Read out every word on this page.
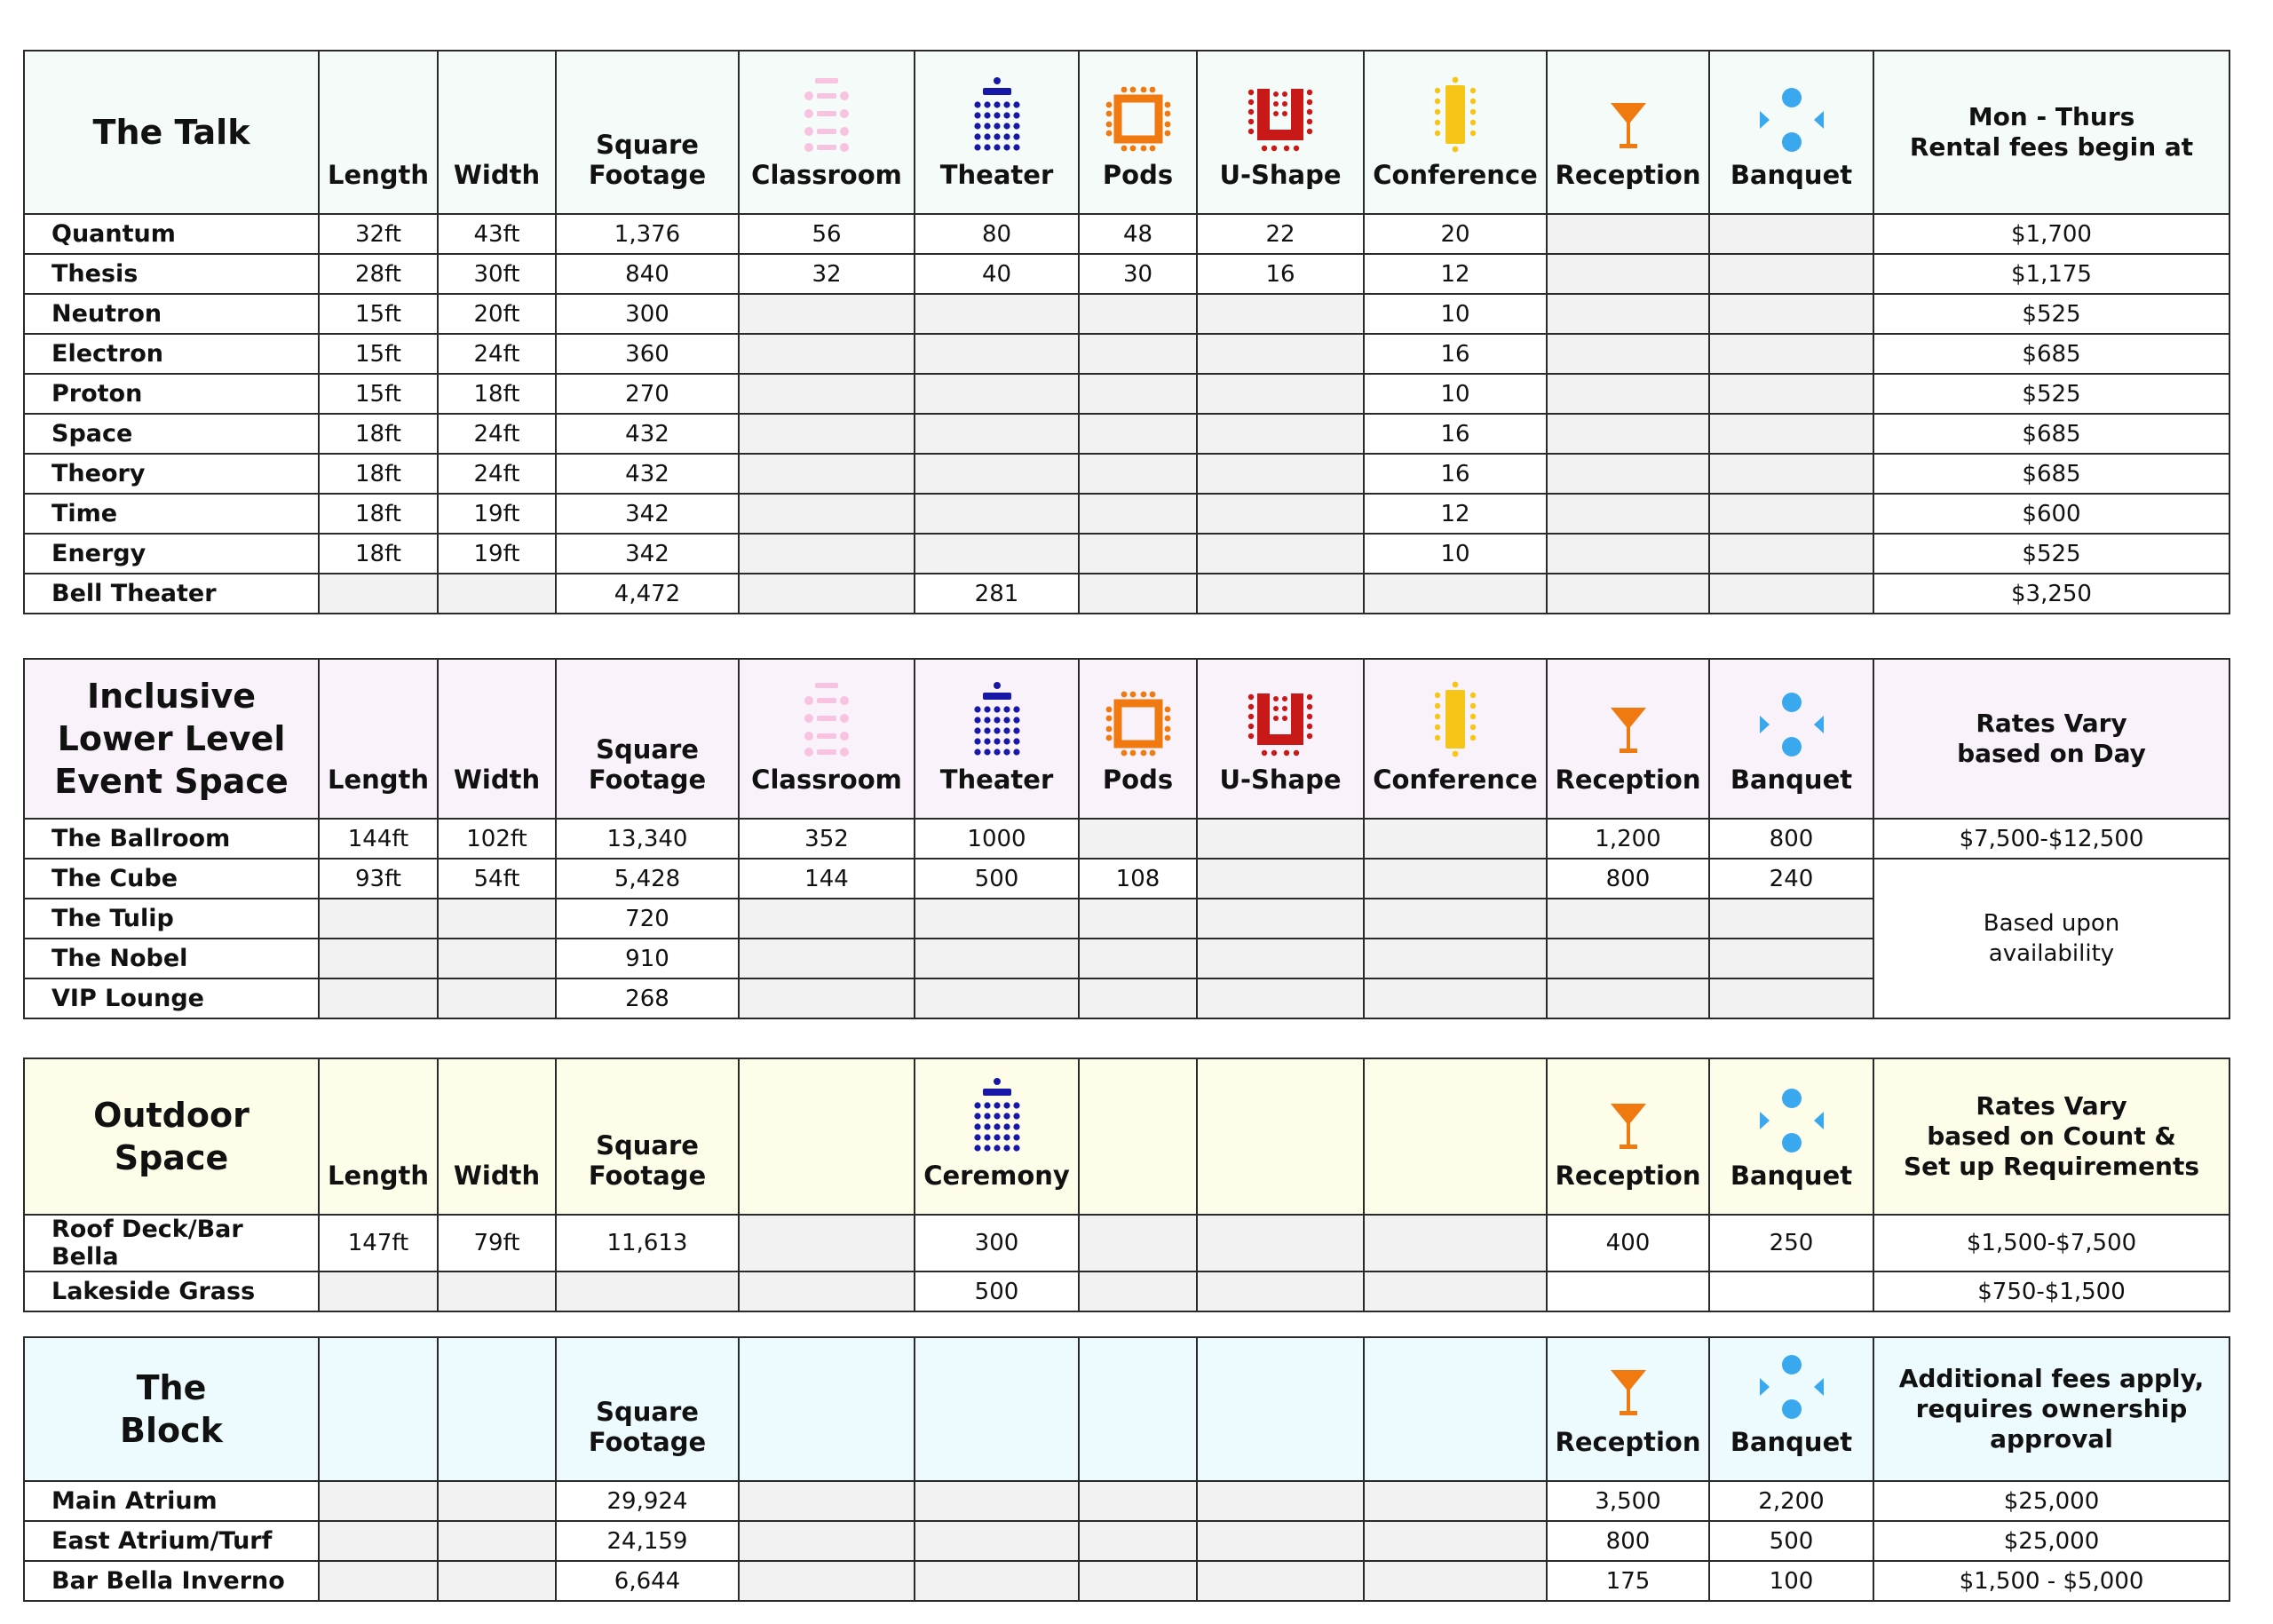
The Talk	Length	Width	Square
Footage	Classroom	Theater	Pods	U-Shape	Conference	Reception	Banquet	Mon - Thurs
Rental fees begin at
Quantum	32ft	43ft	1,376	56	80	48	22	20			$1,700
Thesis	28ft	30ft	840	32	40	30	16	12			$1,175
Neutron	15ft	20ft	300					10			$525
Electron	15ft	24ft	360					16			$685
Proton	15ft	18ft	270					10			$525
Space	18ft	24ft	432					16			$685
Theory	18ft	24ft	432					16			$685
Time	18ft	19ft	342					12			$600
Energy	18ft	19ft	342					10			$525
Bell Theater			4,472		281						$3,250
Inclusive
Lower Level
Event Space	Length	Width	Square
Footage	Classroom	Theater	Pods	U-Shape	Conference	Reception	Banquet	Rates Vary
based on Day
The Ballroom	144ft	102ft	13,340	352	1000				1,200	800	$7,500-$12,500
The Cube	93ft	54ft	5,428	144	500	108			800	240	Based upon
availability
The Tulip			720								
The Nobel			910								
VIP Lounge			268								
Outdoor
Space	Length	Width	Square
Footage		Ceremony				Reception	Banquet	Rates Vary
based on Count &
Set up Requirements
Roof Deck/Bar Bella	147ft	79ft	11,613		300				400	250	$1,500-$7,500
Lakeside Grass					500						$750-$1,500
The
Block			Square
Footage						Reception	Banquet	Additional fees apply,
requires ownership
approval
Main Atrium			29,924						3,500	2,200	$25,000
East Atrium/Turf			24,159						800	500	$25,000
Bar Bella Inverno			6,644						175	100	$1,500 - $5,000
